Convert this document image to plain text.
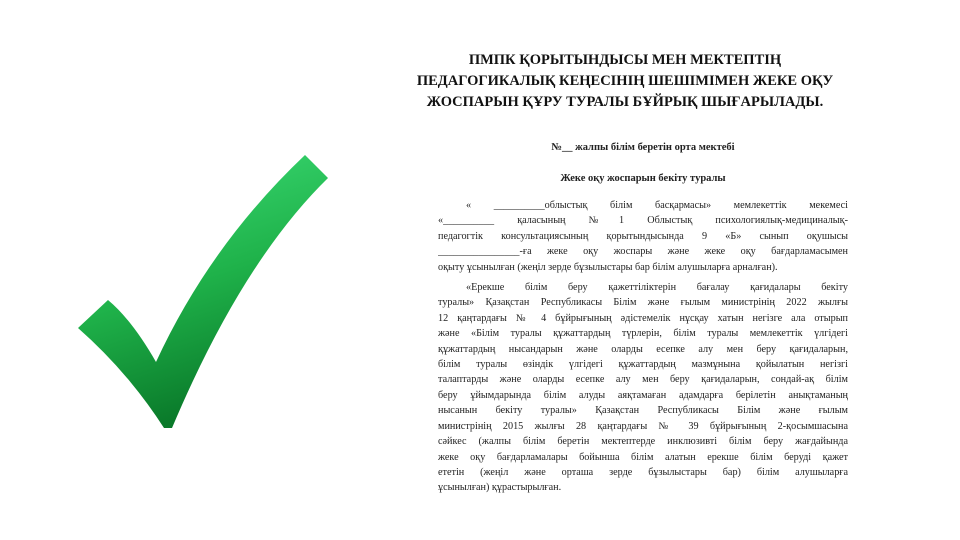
ПМПК ҚОРЫТЫНДЫСЫ МЕН МЕКТЕПТІҢ
ПЕДАГОГИКАЛЫҚ КЕҢЕСІНІҢ ШЕШІМІМЕН ЖЕКЕ ОҚУ
ЖОСПАРЫН ҚҰРУ ТУРАЛЫ БҰЙРЫҚ ШЫҒАРЫЛАДЫ.
№__ жалпы білім беретін орта мектебі
Жеке оқу жоспарын бекіту туралы
« __________облыстық білім басқармасы» мемлекеттік мекемесі
«__________ қаласының №1 Облыстық психологиялық-медициналық-
педагогтік консультациясының қорытындысында 9 «Б» сынып оқушысы
________________-ға жеке оқу жоспары және жеке оқу бағдарламасымен
оқыту ұсынылған (жеңіл зерде бұзылыстары бар білім алушыларға арналған).
«Ерекше білім беру қажеттіліктерін бағалау қағидалары бекіту
туралы» Қазақстан Республикасы Білім және ғылым министрінің 2022 жылғы
12 қаңтардағы № 4 бұйрығының әдістемелік нұсқау хатын негізге ала отырып
және «Білім туралы құжаттардың түрлерін, білім туралы мемлекеттік үлгідегі
құжаттардың нысандарын және оларды есепке алу мен беру қағидаларын,
білім туралы өзіндік үлгідегі құжаттардың мазмұнына қойылатын негізгі
талаптарды және оларды есепке алу мен беру қағидаларын, сондай-ақ білім
беру ұйымдарында білім алуды аяқтамаған адамдарға берілетін анықтаманың
нысанын бекіту туралы» Қазақстан Республикасы Білім және ғылым
министрінің 2015 жылғы 28 қаңтардағы № 39 бұйрығының 2-қосымшасына
сәйкес (жалпы білім беретін мектептерде инклюзивті білім беру жағдайында
жеке оқу бағдарламалары бойынша білім алатын ерекше білім беруді қажет
ететін (жеңіл және орташа зерде бұзылыстары бар) білім алушыларға
ұсынылған) құрастырылған.
